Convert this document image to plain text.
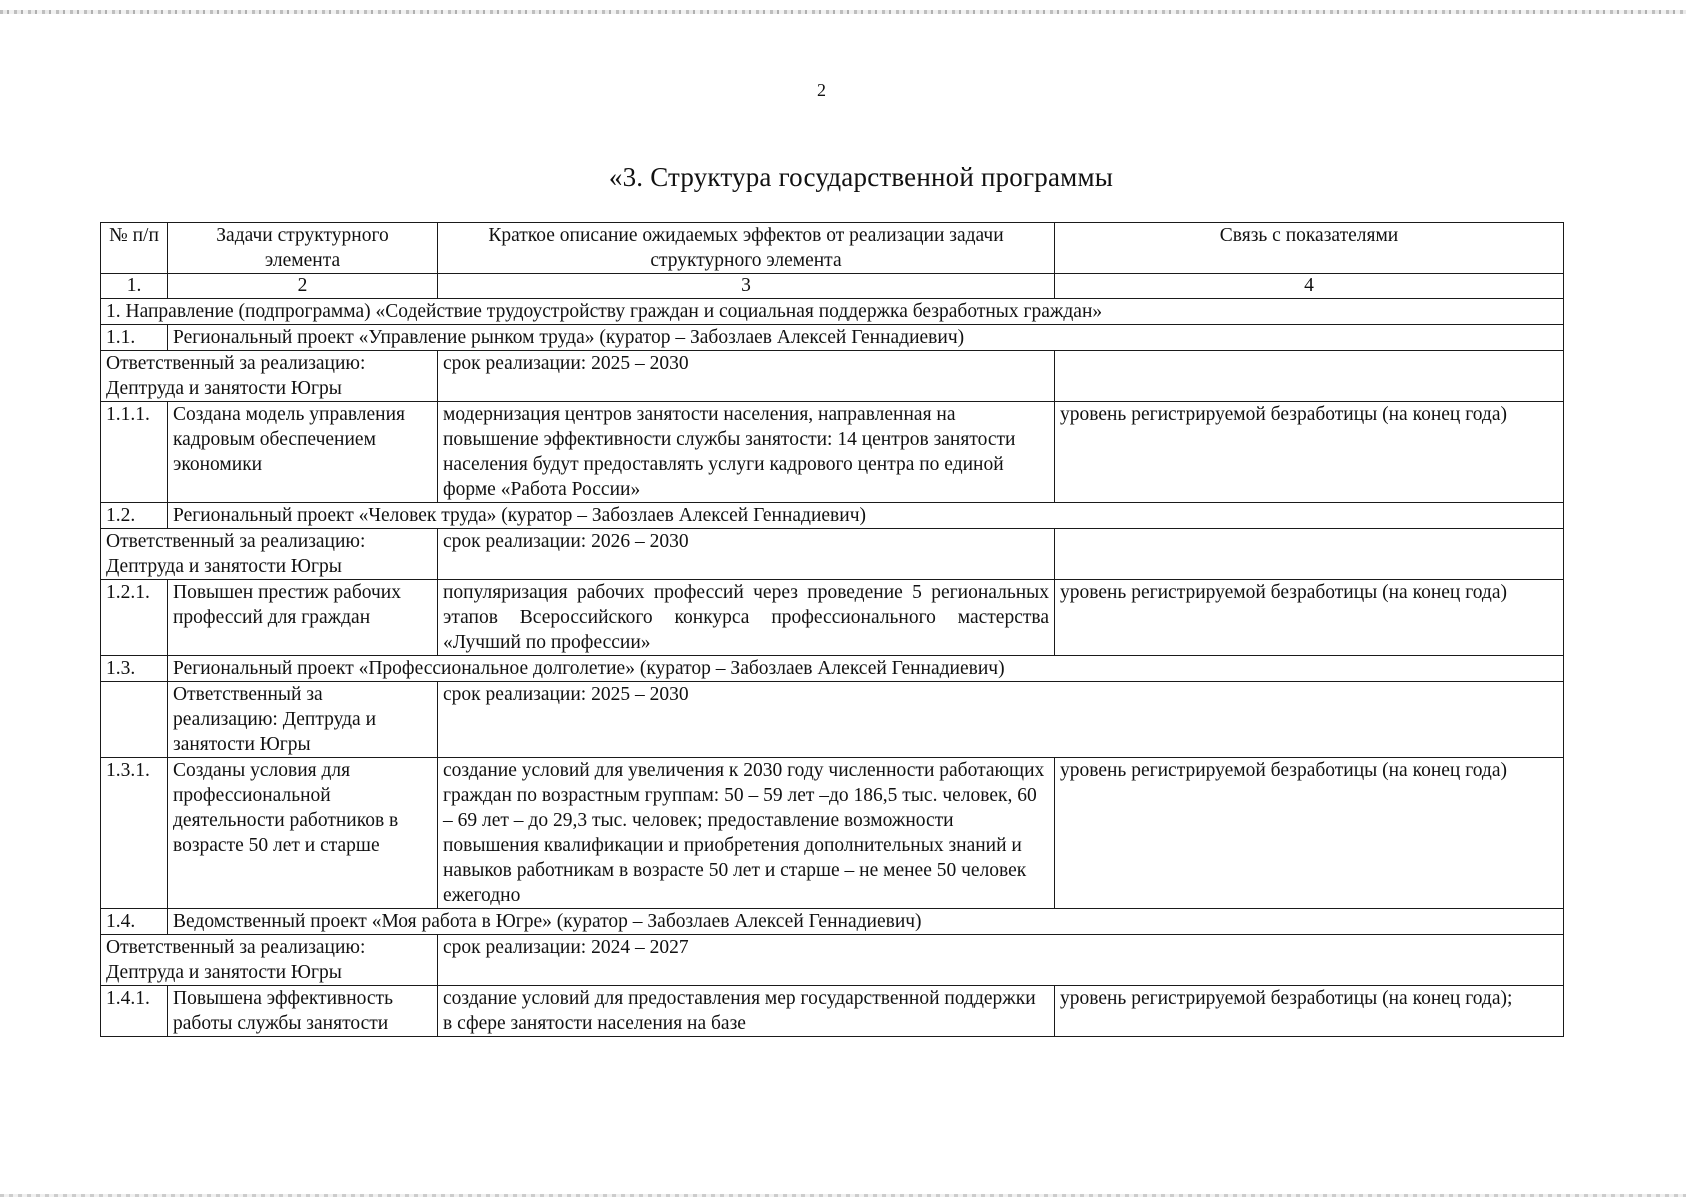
2
«3. Структура государственной программы
№ п/п	Задачи структурного элемента	Краткое описание ожидаемых эффектов от реализации задачи структурного элемента	Связь с показателями
1.	2	3	4
1. Направление (подпрограмма) «Содействие трудоустройству граждан и социальная поддержка безработных граждан»			
1.1.	Региональный проект «Управление рынком труда» (куратор – Забозлаев Алексей Геннадиевич)		
Ответственный за реализацию: Дептруда и занятости Югры		срок реализации: 2025 – 2030	
1.1.1.	Создана модель управления кадровым обеспечением экономики	модернизация центров занятости населения, направленная на повышение эффективности службы занятости: 14 центров занятости населения будут предоставлять услуги кадрового центра по единой форме «Работа России»	уровень регистрируемой безработицы (на конец года)
1.2.	Региональный проект «Человек труда» (куратор – Забозлаев Алексей Геннадиевич)		
Ответственный за реализацию: Дептруда и занятости Югры		срок реализации: 2026 – 2030	
1.2.1.	Повышен престиж рабочих профессий для граждан	популяризация рабочих профессий через проведение 5 региональных этапов Всероссийского конкурса профессионального мастерства «Лучший по профессии»	уровень регистрируемой безработицы (на конец года)
1.3.	Региональный проект «Профессиональное долголетие» (куратор – Забозлаев Алексей Геннадиевич)		
	Ответственный за реализацию: Дептруда и занятости Югры	срок реализации: 2025 – 2030	
1.3.1.	Созданы условия для профессиональной деятельности работников в возрасте 50 лет и старше	создание условий для увеличения к 2030 году численности работающих граждан по возрастным группам: 50 – 59 лет –до 186,5 тыс. человек, 60 – 69 лет – до 29,3 тыс. человек; предоставление возможности повышения квалификации и приобретения дополнительных знаний и навыков работникам в возрасте 50 лет и старше – не менее 50 человек ежегодно	уровень регистрируемой безработицы (на конец года)
1.4.	Ведомственный проект «Моя работа в Югре» (куратор – Забозлаев Алексей Геннадиевич)		
Ответственный за реализацию: Дептруда и занятости Югры		срок реализации: 2024 – 2027	
1.4.1.	Повышена эффективность работы службы занятости	создание условий для предоставления мер государственной поддержки в сфере занятости населения на базе	уровень регистрируемой безработицы (на конец года);
